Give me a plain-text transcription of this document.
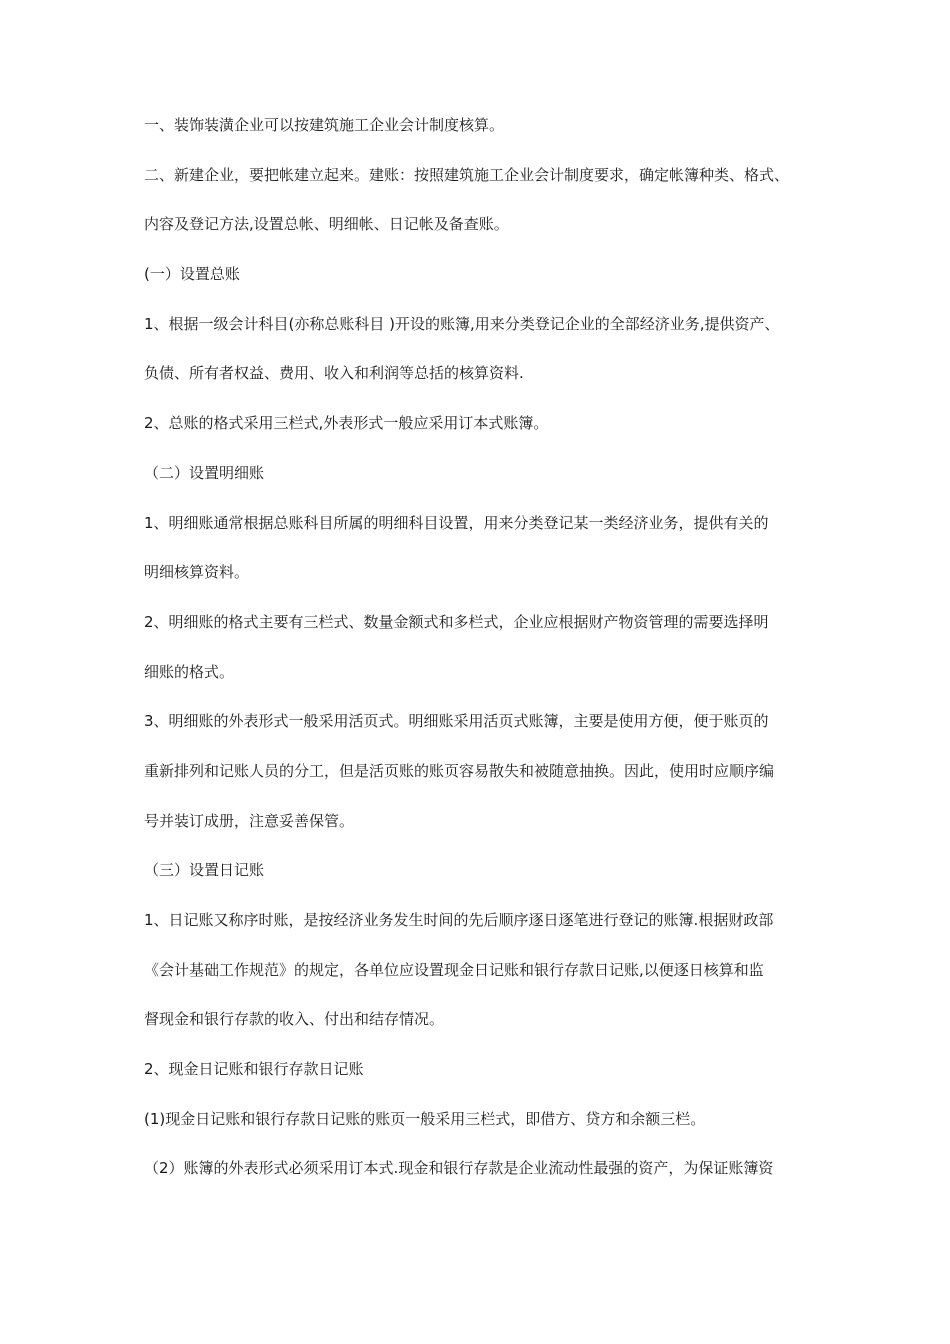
一、装饰装潢企业可以按建筑施工企业会计制度核算。
二、新建企业，要把帐建立起来。建账：按照建筑施工企业会计制度要求，确定帐簿种类、格式、
内容及登记方法,设置总帐、明细帐、日记帐及备查账。
(一）设置总账
1、根据一级会计科目(亦称总账科目 )开设的账簿,用来分类登记企业的全部经济业务,提供资产、
负债、所有者权益、费用、收入和利润等总括的核算资料.
2、总账的格式采用三栏式,外表形式一般应采用订本式账簿。
（二）设置明细账
1、明细账通常根据总账科目所属的明细科目设置，用来分类登记某一类经济业务，提供有关的
明细核算资料。
2、明细账的格式主要有三栏式、数量金额式和多栏式，企业应根据财产物资管理的需要选择明
细账的格式。
3、明细账的外表形式一般采用活页式。明细账采用活页式账簿，主要是使用方便，便于账页的
重新排列和记账人员的分工，但是活页账的账页容易散失和被随意抽换。因此，使用时应顺序编
号并装订成册，注意妥善保管。
（三）设置日记账
1、日记账又称序时账，是按经济业务发生时间的先后顺序逐日逐笔进行登记的账簿.根据财政部
《会计基础工作规范》的规定，各单位应设置现金日记账和银行存款日记账,以便逐日核算和监
督现金和银行存款的收入、付出和结存情况。
2、现金日记账和银行存款日记账
(1)现金日记账和银行存款日记账的账页一般采用三栏式，即借方、贷方和余额三栏。
（2）账簿的外表形式必须采用订本式.现金和银行存款是企业流动性最强的资产，为保证账簿资
